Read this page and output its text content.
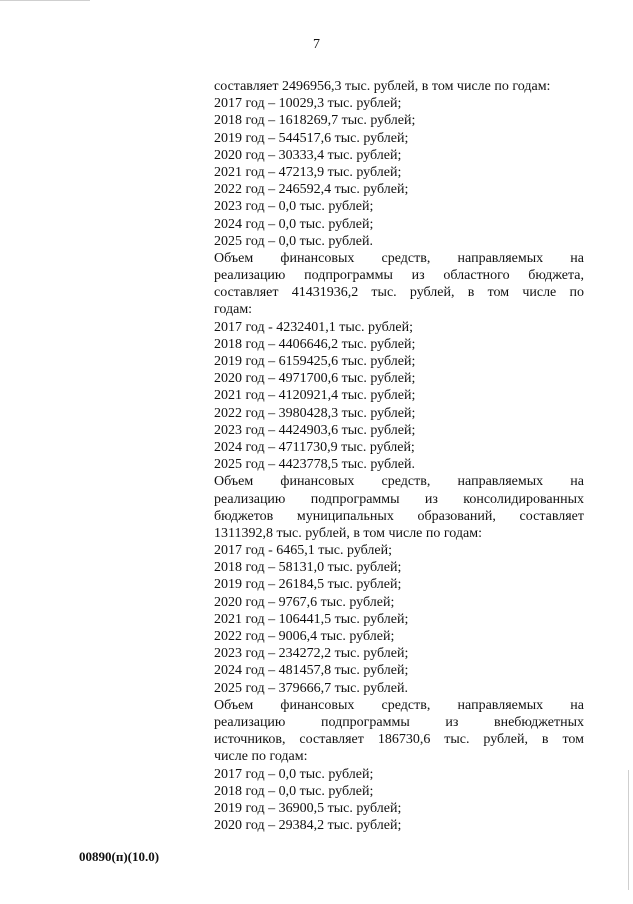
7
составляет 2496956,3 тыс. рублей, в том числе по годам:
2017 год – 10029,3 тыс. рублей;
2018 год – 1618269,7 тыс. рублей;
2019 год – 544517,6 тыс. рублей;
2020 год – 30333,4 тыс. рублей;
2021 год – 47213,9 тыс. рублей;
2022 год – 246592,4 тыс. рублей;
2023 год – 0,0 тыс. рублей;
2024 год – 0,0 тыс. рублей;
2025 год – 0,0 тыс. рублей.
Объем финансовых средств, направляемых на
реализацию подпрограммы из областного бюджета,
составляет 41431936,2 тыс. рублей, в том числе по
годам:
2017 год - 4232401,1 тыс. рублей;
2018 год – 4406646,2 тыс. рублей;
2019 год – 6159425,6 тыс. рублей;
2020 год – 4971700,6 тыс. рублей;
2021 год – 4120921,4 тыс. рублей;
2022 год – 3980428,3 тыс. рублей;
2023 год – 4424903,6 тыс. рублей;
2024 год – 4711730,9 тыс. рублей;
2025 год – 4423778,5 тыс. рублей.
Объем финансовых средств, направляемых на
реализацию подпрограммы из консолидированных
бюджетов муниципальных образований, составляет
1311392,8 тыс. рублей, в том числе по годам:
2017 год - 6465,1 тыс. рублей;
2018 год – 58131,0 тыс. рублей;
2019 год – 26184,5 тыс. рублей;
2020 год – 9767,6 тыс. рублей;
2021 год – 106441,5 тыс. рублей;
2022 год – 9006,4 тыс. рублей;
2023 год – 234272,2 тыс. рублей;
2024 год – 481457,8 тыс. рублей;
2025 год – 379666,7 тыс. рублей.
Объем финансовых средств, направляемых на
реализацию подпрограммы из внебюджетных
источников, составляет 186730,6 тыс. рублей, в том
числе по годам:
2017 год – 0,0 тыс. рублей;
2018 год – 0,0 тыс. рублей;
2019 год – 36900,5 тыс. рублей;
2020 год – 29384,2 тыс. рублей;
00890(п)(10.0)
